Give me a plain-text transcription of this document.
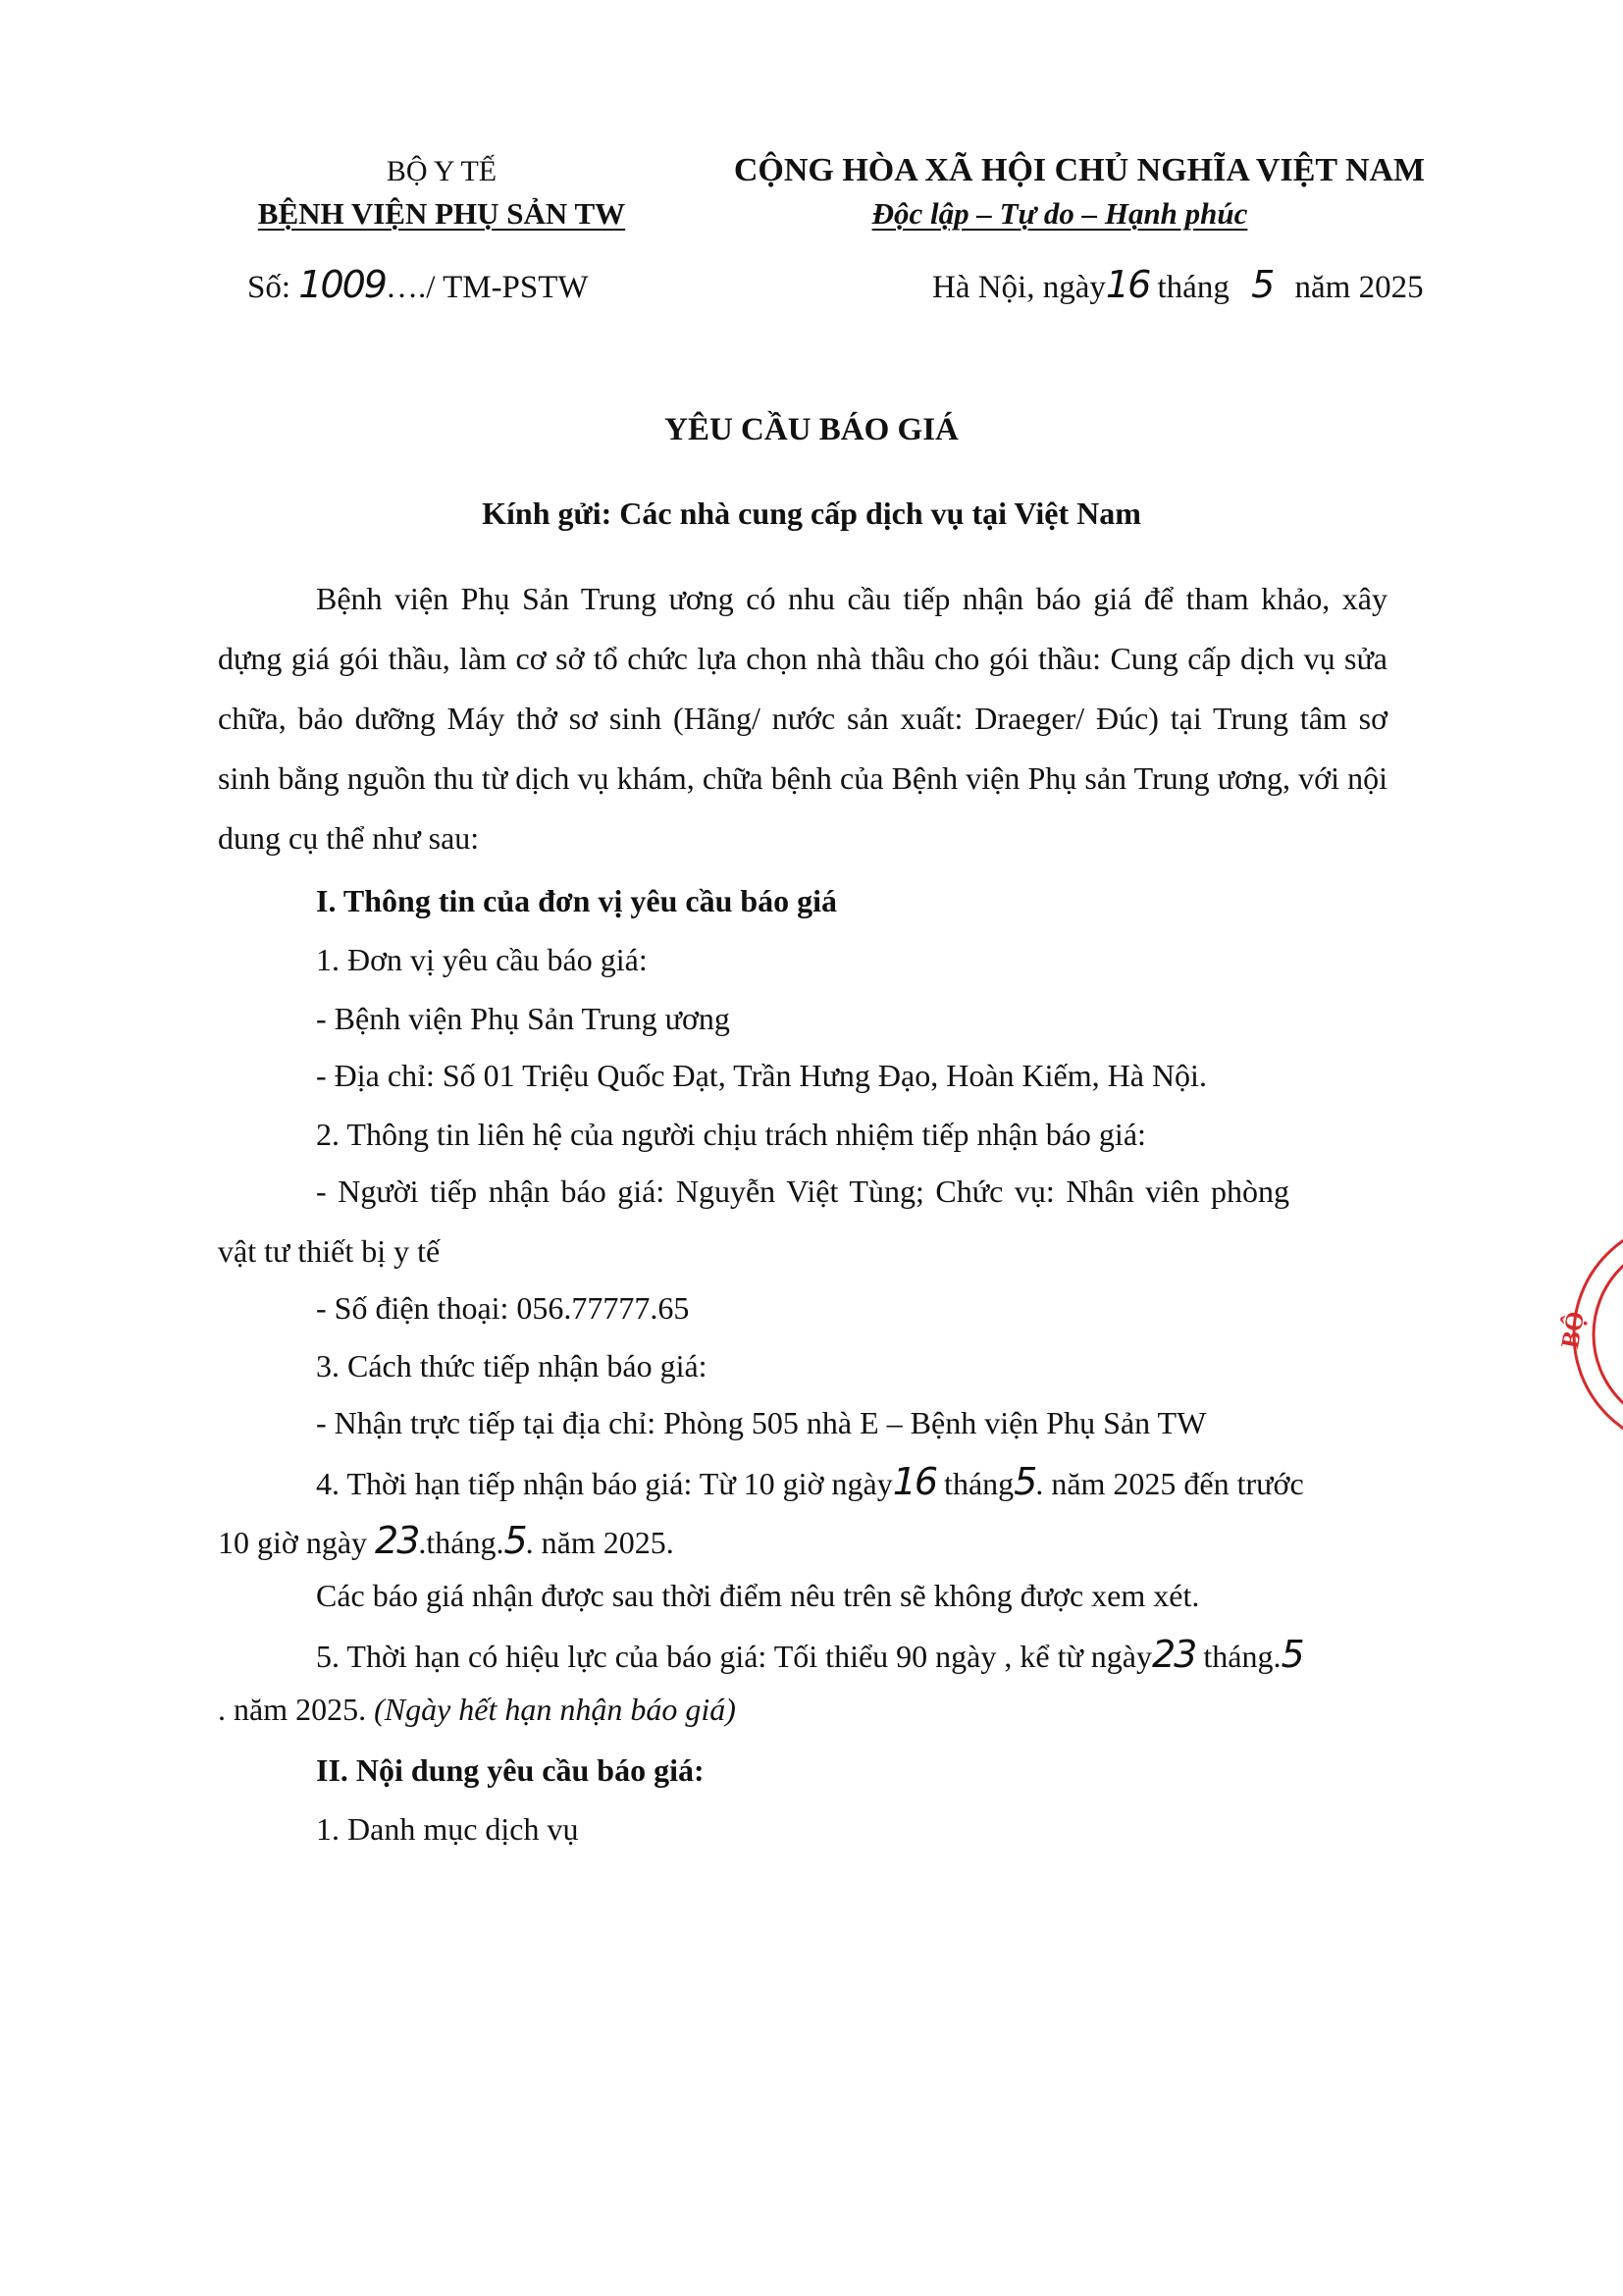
BỘ Y TẾ
BỆNH VIỆN PHỤ SẢN TW
Số: 1009…./ TM-PSTW
CỘNG HÒA XÃ HỘI CHỦ NGHĨA VIỆT NAM
Độc lập – Tự do – Hạnh phúc
Hà Nội, ngày16 tháng 5 năm 2025
YÊU CẦU BÁO GIÁ
Kính gửi: Các nhà cung cấp dịch vụ tại Việt Nam
Bệnh viện Phụ Sản Trung ương có nhu cầu tiếp nhận báo giá để tham khảo, xây dựng giá gói thầu, làm cơ sở tổ chức lựa chọn nhà thầu cho gói thầu: Cung cấp dịch vụ sửa chữa, bảo dưỡng Máy thở sơ sinh (Hãng/ nước sản xuất: Draeger/ Đúc) tại Trung tâm sơ sinh bằng nguồn thu từ dịch vụ khám, chữa bệnh của Bệnh viện Phụ sản Trung ương, với nội dung cụ thể như sau:
I. Thông tin của đơn vị yêu cầu báo giá
1. Đơn vị yêu cầu báo giá:
- Bệnh viện Phụ Sản Trung ương
- Địa chỉ: Số 01 Triệu Quốc Đạt, Trần Hưng Đạo, Hoàn Kiếm, Hà Nội.
2. Thông tin liên hệ của người chịu trách nhiệm tiếp nhận báo giá:
- Người tiếp nhận báo giá: Nguyễn Việt Tùng; Chức vụ: Nhân viên phòng vật tư thiết bị y tế
- Số điện thoại: 056.77777.65
3. Cách thức tiếp nhận báo giá:
- Nhận trực tiếp tại địa chỉ: Phòng 505 nhà E – Bệnh viện Phụ Sản TW
4. Thời hạn tiếp nhận báo giá: Từ 10 giờ ngày16 tháng5. năm 2025 đến trước
10 giờ ngày 23.tháng.5. năm 2025.
Các báo giá nhận được sau thời điểm nêu trên sẽ không được xem xét.
5. Thời hạn có hiệu lực của báo giá: Tối thiểu 90 ngày , kể từ ngày23 tháng.5
. năm 2025. (Ngày hết hạn nhận báo giá)
II. Nội dung yêu cầu báo giá:
1. Danh mục dịch vụ
BỘ
